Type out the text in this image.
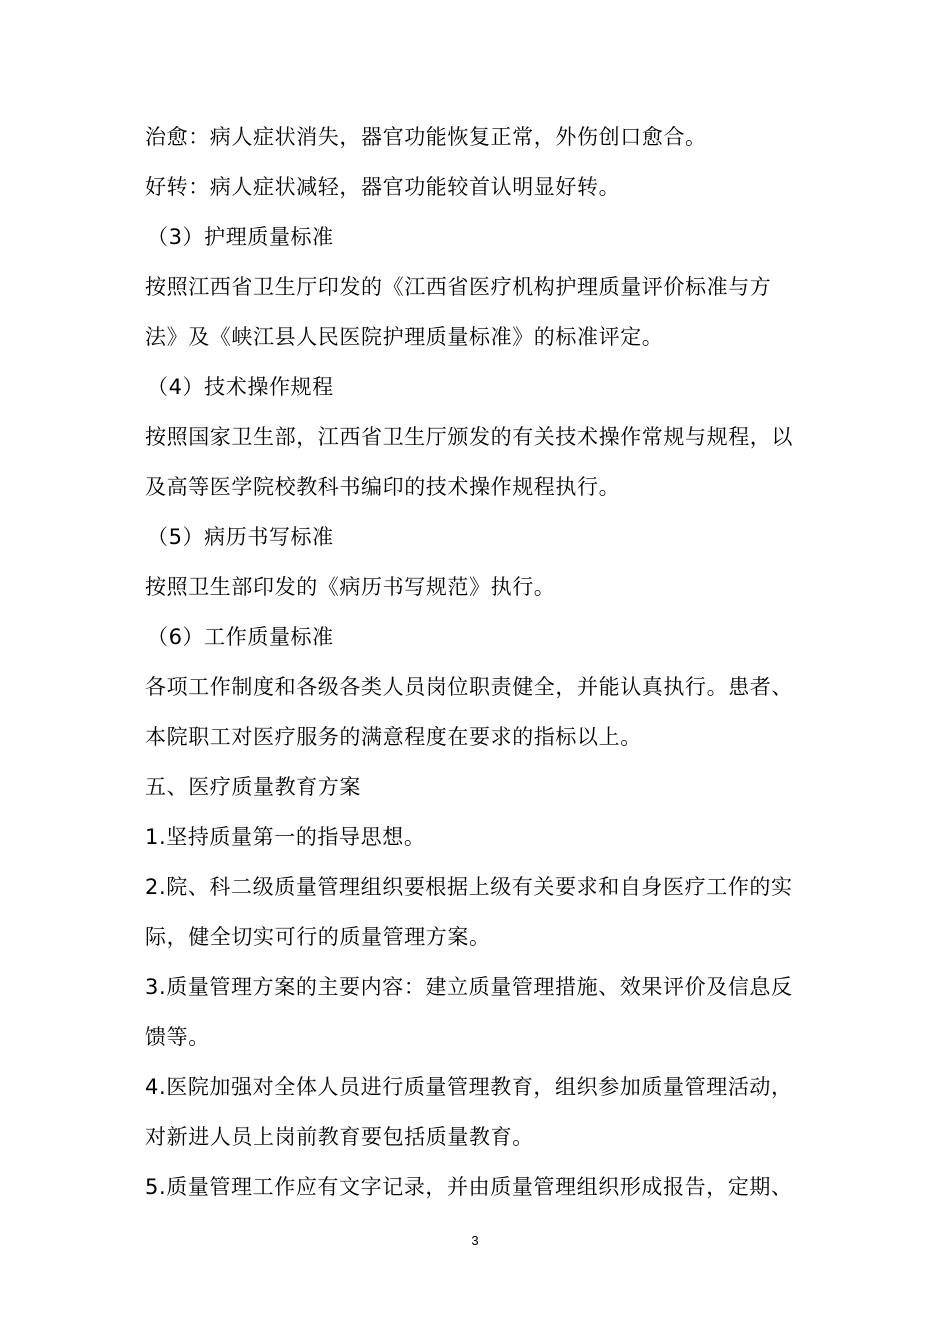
治愈：病人症状消失，器官功能恢复正常，外伤创口愈合。
好转：病人症状减轻，器官功能较首认明显好转。
（3）护理质量标准
按照江西省卫生厅印发的《江西省医疗机构护理质量评价标准与方
法》及《峡江县人民医院护理质量标准》的标准评定。
（4）技术操作规程
按照国家卫生部，江西省卫生厅颁发的有关技术操作常规与规程，以
及高等医学院校教科书编印的技术操作规程执行。
（5）病历书写标准
按照卫生部印发的《病历书写规范》执行。
（6）工作质量标准
各项工作制度和各级各类人员岗位职责健全，并能认真执行。患者、
本院职工对医疗服务的满意程度在要求的指标以上。
五、医疗质量教育方案
1.坚持质量第一的指导思想。
2.院、科二级质量管理组织要根据上级有关要求和自身医疗工作的实
际，健全切实可行的质量管理方案。
3.质量管理方案的主要内容：建立质量管理措施、效果评价及信息反
馈等。
4.医院加强对全体人员进行质量管理教育，组织参加质量管理活动，
对新进人员上岗前教育要包括质量教育。
5.质量管理工作应有文字记录，并由质量管理组织形成报告，定期、
3
